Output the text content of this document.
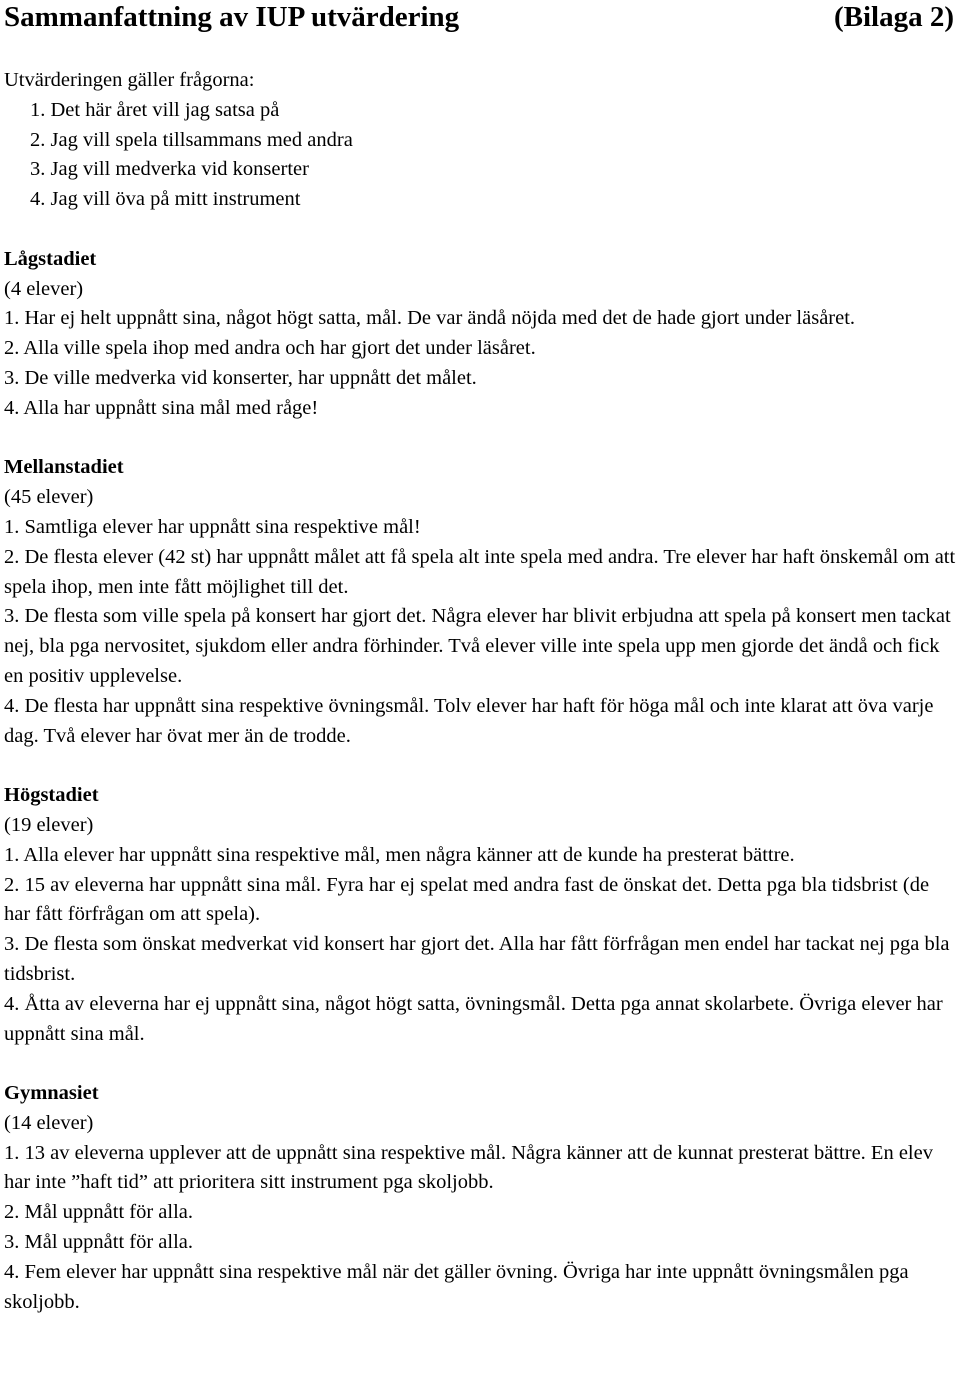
Sammanfattning av IUP utvärdering	(Bilaga 2)

Utvärderingen gäller frågorna:

1. Det här året vill jag satsa på
2. Jag vill spela tillsammans med andra
3. Jag vill medverka vid konserter
4. Jag vill öva på mitt instrument

Lågstadiet

(4 elever)

1. Har ej helt uppnått sina, något högt satta, mål. De var ändå nöjda med det de hade gjort under läsåret.

2. Alla ville spela ihop med andra och har gjort det under läsåret.

3. De ville medverka vid konserter, har uppnått det målet.

4. Alla har uppnått sina mål med råge!

Mellanstadiet

(45 elever)

1. Samtliga elever har uppnått sina respektive mål!

2. De flesta elever (42 st) har uppnått målet att få spela alt inte spela med andra. Tre elever har haft önskemål om att spela ihop, men inte fått möjlighet till det.

3. De flesta som ville spela på konsert har gjort det. Några elever har blivit erbjudna att spela på konsert men tackat nej, bla pga nervositet, sjukdom eller andra förhinder. Två elever ville inte spela upp men gjorde det ändå och fick en positiv upplevelse.

4. De flesta har uppnått sina respektive övningsmål. Tolv elever har haft för höga mål och inte klarat att öva varje dag. Två elever har övat mer än de trodde.

Högstadiet

(19 elever)

1. Alla elever har uppnått sina respektive mål, men några känner att de kunde ha presterat bättre.

2. 15 av eleverna har uppnått sina mål. Fyra har ej spelat med andra fast de önskat det. Detta pga bla tidsbrist (de har fått förfrågan om att spela).

3. De flesta som önskat medverkat vid konsert har gjort det. Alla har fått förfrågan men endel har tackat nej pga bla tidsbrist.

4. Åtta av eleverna har ej uppnått sina, något högt satta, övningsmål. Detta pga annat skolarbete. Övriga elever har uppnått sina mål.

Gymnasiet

(14 elever)

1. 13 av eleverna upplever att de uppnått sina respektive mål. Några känner att de kunnat presterat bättre. En elev har inte ”haft tid” att prioritera sitt instrument pga skoljobb.

2. Mål uppnått för alla.

3. Mål uppnått för alla.

4. Fem elever har uppnått sina respektive mål när det gäller övning. Övriga har inte uppnått övningsmålen pga skoljobb.
